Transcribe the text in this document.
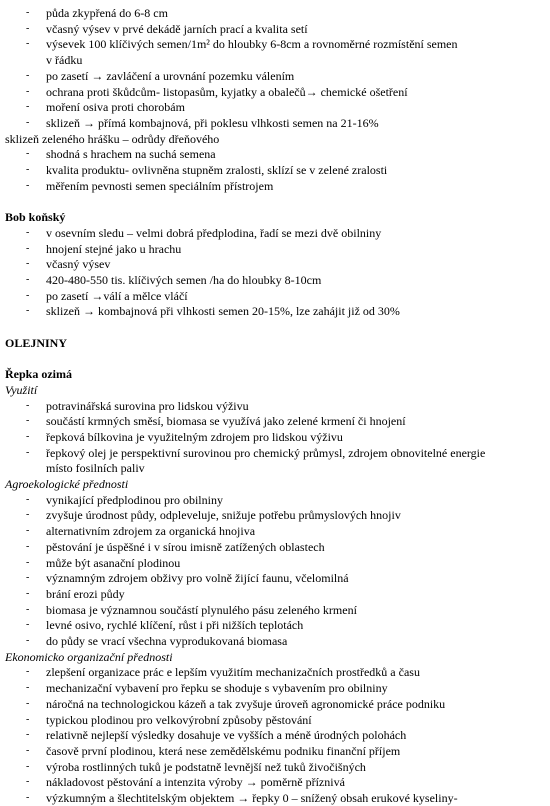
-	půda zkypřená do 6-8 cm
-	včasný výsev v prvé dekádě jarních prací a kvalita setí
-	výsevek 100 klíčivých semen/1m² do hloubky 6-8cm a rovnoměrné rozmístění semen
v řádku
-	po zasetí → zavláčení a urovnání pozemku válením
-	ochrana proti škůdcům- listopasům, kyjatky a obalečů→ chemické ošetření
-	moření osiva proti chorobám
-	sklizeň → přímá kombajnová, při poklesu vlhkosti semen na 21-16%
sklizeň zeleného hrášku – odrůdy dřeňového
-	shodná s hrachem na suchá semena
-	kvalita produktu- ovlivněna stupněm zralosti, sklízí se v zelené zralosti
-	měřením pevnosti semen speciálním přístrojem
Bob koňský
-	v osevním sledu – velmi dobrá předplodina, řadí se mezi dvě obilniny
-	hnojení stejné jako u hrachu
-	včasný výsev
-	420-480-550 tis. klíčivých semen /ha do hloubky 8-10cm
-	po zasetí →válí a mělce vláčí
-	sklizeň → kombajnová při vlhkosti semen 20-15%, lze zahájit již od 30%
OLEJNINY
Řepka ozimá
Využití
-	potravinářská surovina pro lidskou výživu
-	součástí krmných směsí, biomasa se využívá jako zelené krmení či hnojení
-	řepková bílkovina je využitelným zdrojem pro lidskou výživu
-	řepkový olej je perspektivní surovinou pro chemický průmysl, zdrojem obnovitelné energie
místo fosilních paliv
Agroekologické přednosti
-	vynikající předplodinou pro obilniny
-	zvyšuje úrodnost půdy, odpleveluje, snižuje potřebu průmyslových hnojiv
-	alternativním zdrojem za organická hnojiva
-	pěstování je úspěšné i v sírou imisně zatížených oblastech
-	může být asanační plodinou
-	významným zdrojem obživy pro volně žijící faunu, včelomilná
-	brání erozi půdy
-	biomasa je významnou součástí plynulého pásu zeleného krmení
-	levné osivo, rychlé klíčení, růst i při nižších teplotách
-	do půdy se vrací všechna vyprodukovaná biomasa
Ekonomicko organizační přednosti
-	zlepšení organizace prác e lepším využitím mechanizačních prostředků a času
-	mechanizační vybavení pro řepku se shoduje s vybavením pro obilniny
-	náročná na technologickou kázeň a tak zvyšuje úroveň agronomické práce podniku
-	typickou plodinou pro velkovýrobní způsoby pěstování
-	relativně nejlepší výsledky dosahuje ve vyšších a méně úrodných polohách
-	časově první plodinou, která nese zemědělskému podniku finanční příjem
-	výroba rostlinných tuků je podstatně levnější než tuků živočišných
-	nákladovost pěstování a intenzita výroby → poměrně příznivá
-	výzkumným a šlechtitelským objektem → řepky 0 – snížený obsah erukové kyseliny-
